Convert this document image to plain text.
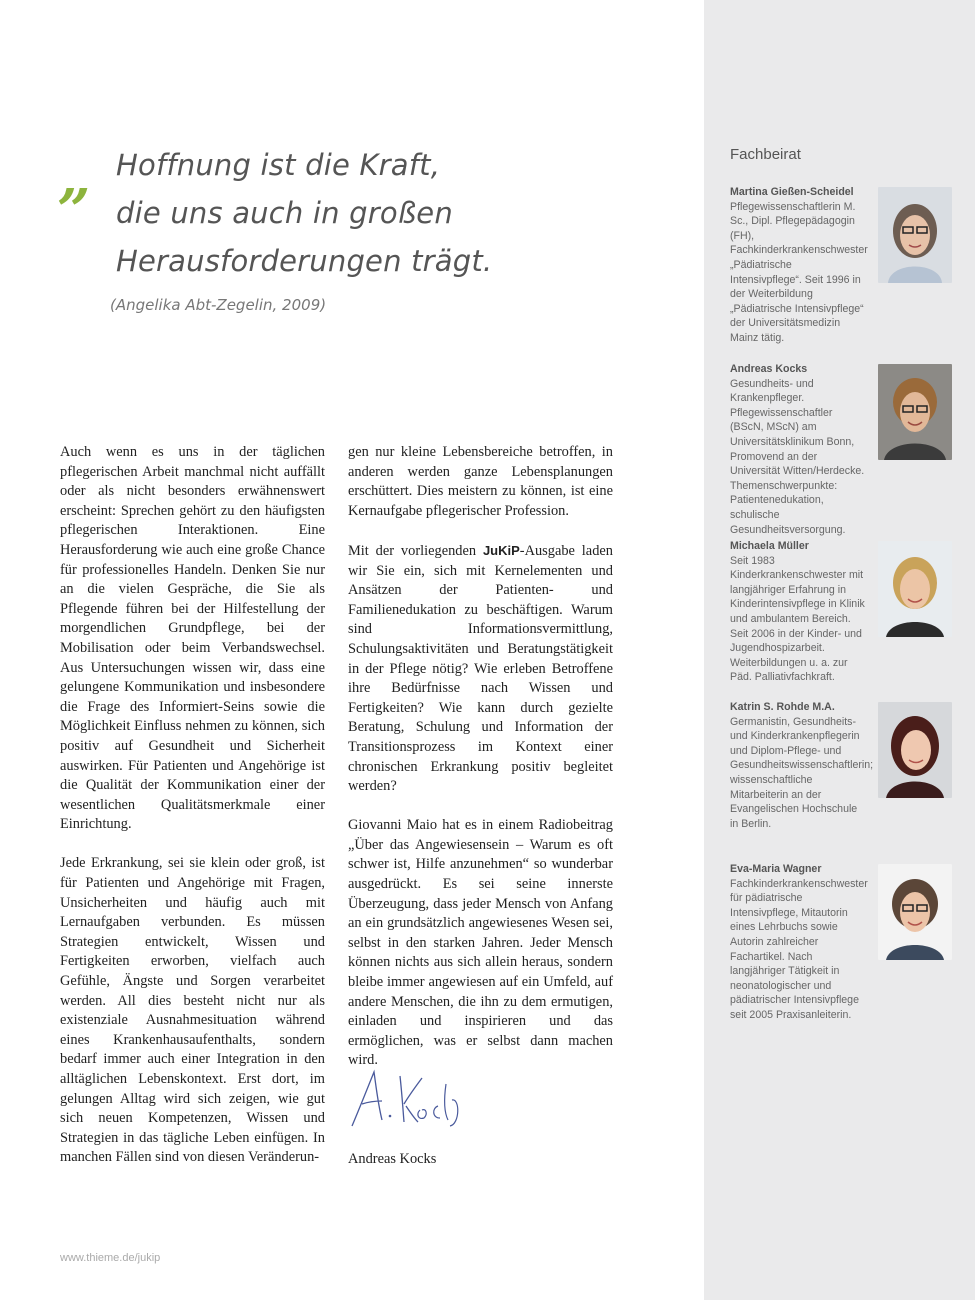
„ Hoffnung ist die Kraft,
die uns auch in großen
Herausforderungen trägt.
(Angelika Abt-Zegelin, 2009)

Auch wenn es uns in der täglichen pflegerischen Arbeit manchmal nicht auffällt oder als nicht besonders erwähnenswert erscheint: Sprechen gehört zu den häufigsten pflegerischen Interaktionen. Eine Herausforderung wie auch eine große Chance für professionelles Handeln. Denken Sie nur an die vielen Gespräche, die Sie als Pflegende führen bei der Hilfestellung der morgendlichen Grundpflege, bei der Mobilisation oder beim Verbandswechsel. Aus Untersuchungen wissen wir, dass eine gelungene Kommunikation und insbesondere die Frage des Informiert-Seins sowie die Möglichkeit Einfluss nehmen zu können, sich positiv auf Gesundheit und Sicherheit auswirken. Für Patienten und Angehörige ist die Qualität der Kommunikation einer der wesentlichen Qualitätsmerkmale einer Einrichtung.

Jede Erkrankung, sei sie klein oder groß, ist für Patienten und Angehörige mit Fragen, Unsicherheiten und häufig auch mit Lernaufgaben verbunden. Es müssen Strategien entwickelt, Wissen und Fertigkeiten erworben, vielfach auch Gefühle, Ängste und Sorgen verarbeitet werden. All dies besteht nicht nur als existenziale Ausnahmesituation während eines Krankenhausaufenthalts, sondern bedarf immer auch einer Integration in den alltäglichen Lebenskontext. Erst dort, im gelungen Alltag wird sich zeigen, wie gut sich neuen Kompetenzen, Wissen und Strategien in das tägliche Leben einfügen. In manchen Fällen sind von diesen Veränderun-

gen nur kleine Lebensbereiche betroffen, in anderen werden ganze Lebensplanungen erschüttert. Dies meistern zu können, ist eine Kernaufgabe pflegerischer Profession.

Mit der vorliegenden JuKiP-Ausgabe laden wir Sie ein, sich mit Kernelementen und Ansätzen der Patienten- und Familienedukation zu beschäftigen. Warum sind Informationsvermittlung, Schulungsaktivitäten und Beratungstätigkeit in der Pflege nötig? Wie erleben Betroffene ihre Bedürfnisse nach Wissen und Fertigkeiten? Wie kann durch gezielte Beratung, Schulung und Information der Transitionsprozess im Kontext einer chronischen Erkrankung positiv begleitet werden?

Giovanni Maio hat es in einem Radiobeitrag „Über das Angewiesensein – Warum es oft schwer ist, Hilfe anzunehmen“ so wunderbar ausgedrückt. Es sei seine innerste Überzeugung, dass jeder Mensch von Anfang an ein grundsätzlich angewiesenes Wesen sei, selbst in den starken Jahren. Jeder Mensch können nichts aus sich allein heraus, sondern bleibe immer angewiesen auf ein Umfeld, auf andere Menschen, die ihn zu dem ermutigen, einladen und inspirieren und das ermöglichen, was er selbst dann machen wird.

Andreas Kocks
www.thieme.de/jukip
Fachbeirat
Martina Gießen-Scheidel
Pflegewissenschaftlerin M. Sc., Dipl. Pflegepädagogin (FH), Fachkinderkrankenschwester „Pädiatrische Intensivpflege“. Seit 1996 in der Weiterbildung „Pädiatrische Intensivpflege“ der Universitätsmedizin Mainz tätig.
Andreas Kocks
Gesundheits- und Krankenpfleger. Pflegewissenschaftler (BScN, MScN) am Universitätsklinikum Bonn, Promovend an der Universität Witten/Herdecke. Themenschwerpunkte: Patientenedukation, schulische Gesundheitsversorgung.
Michaela Müller
Seit 1983 Kinderkrankenschwester mit langjähriger Erfahrung in Kinderintensivpflege in Klinik und ambulantem Bereich. Seit 2006 in der Kinder- und Jugendhospizarbeit. Weiterbildungen u. a. zur Päd. Palliativfachkraft.
Katrin S. Rohde M.A.
Germanistin, Gesundheits- und Kinderkrankenpflegerin und Diplom-Pflege- und Gesundheitswissenschaftlerin; wissenschaftliche Mitarbeiterin an der Evangelischen Hochschule in Berlin.
Eva-Maria Wagner
Fachkinderkrankenschwester für pädiatrische Intensivpflege, Mitautorin eines Lehrbuchs sowie Autorin zahlreicher Fachartikel. Nach langjähriger Tätigkeit in neonatologischer und pädiatrischer Intensivpflege seit 2005 Praxisanleiterin.
